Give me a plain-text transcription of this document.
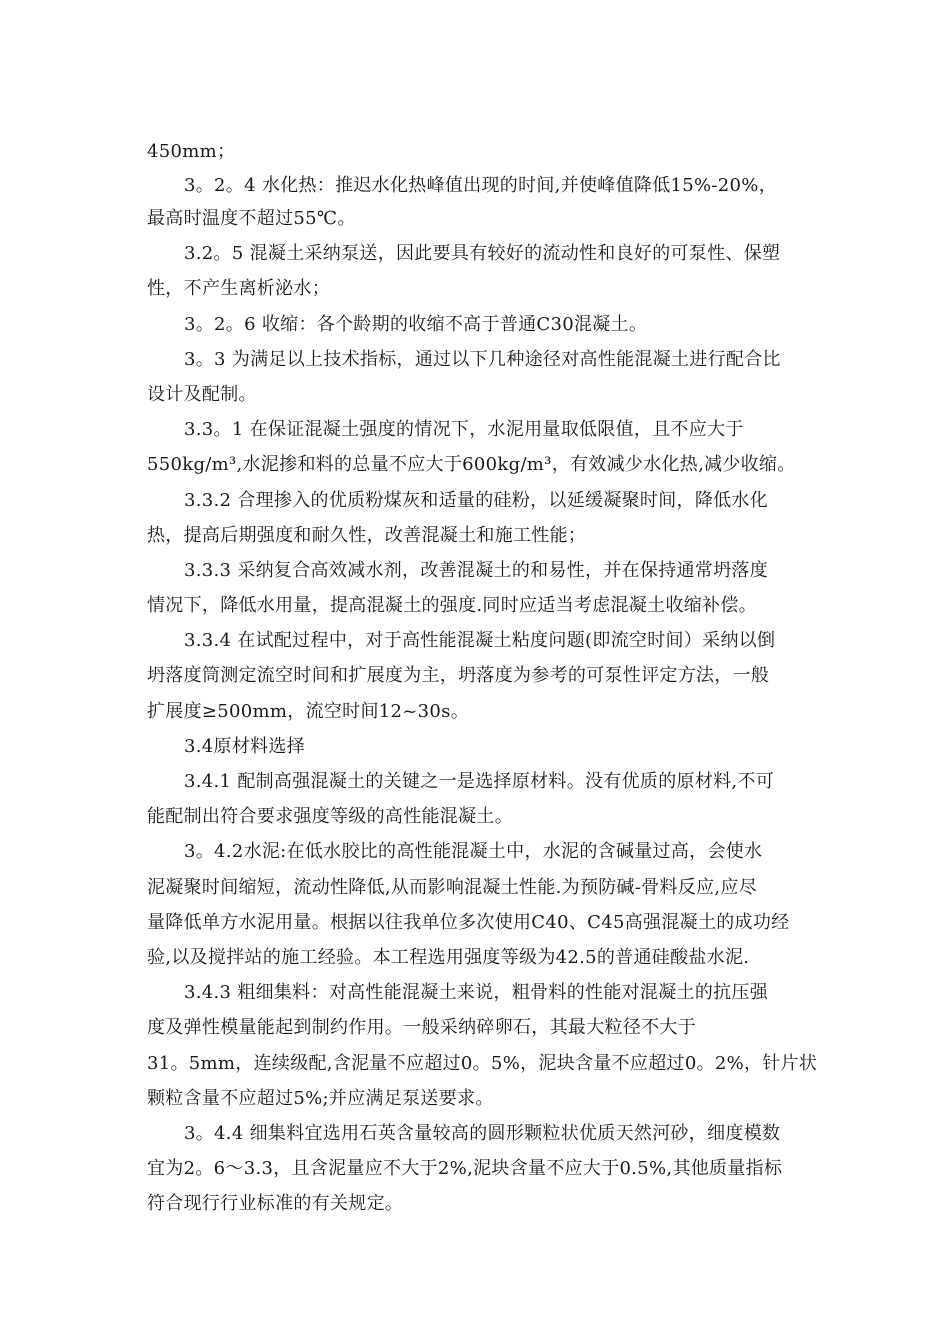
450mm；
3。2。4 水化热：推迟水化热峰值出现的时间,并使峰值降低15%-20%，
最高时温度不超过55℃。
3.2。5 混凝土采纳泵送，因此要具有较好的流动性和良好的可泵性、保塑
性，不产生离析泌水；
3。2。6 收缩：各个龄期的收缩不高于普通C30混凝土。
3。3 为满足以上技术指标，通过以下几种途径对高性能混凝土进行配合比
设计及配制。
3.3。1 在保证混凝土强度的情况下，水泥用量取低限值，且不应大于
550kg/m³,水泥掺和料的总量不应大于600kg/m³，有效减少水化热,减少收缩。
3.3.2 合理掺入的优质粉煤灰和适量的硅粉，以延缓凝聚时间，降低水化
热，提高后期强度和耐久性，改善混凝土和施工性能；
3.3.3 采纳复合高效减水剂，改善混凝土的和易性，并在保持通常坍落度
情况下，降低水用量，提高混凝土的强度.同时应适当考虑混凝土收缩补偿。
3.3.4 在试配过程中，对于高性能混凝土粘度问题(即流空时间）采纳以倒
坍落度筒测定流空时间和扩展度为主，坍落度为参考的可泵性评定方法，一般
扩展度≥500mm，流空时间12~30s。
3.4原材料选择
3.4.1 配制高强混凝土的关键之一是选择原材料。没有优质的原材料,不可
能配制出符合要求强度等级的高性能混凝土。
3。4.2水泥:在低水胶比的高性能混凝土中，水泥的含碱量过高，会使水
泥凝聚时间缩短，流动性降低,从而影响混凝土性能.为预防碱-骨料反应,应尽
量降低单方水泥用量。根据以往我单位多次使用C40、C45高强混凝土的成功经
验,以及搅拌站的施工经验。本工程选用强度等级为42.5的普通硅酸盐水泥.
3.4.3 粗细集料：对高性能混凝土来说，粗骨料的性能对混凝土的抗压强
度及弹性模量能起到制约作用。一般采纳碎卵石，其最大粒径不大于
31。5mm，连续级配,含泥量不应超过0。5%，泥块含量不应超过0。2%，针片状
颗粒含量不应超过5%;并应满足泵送要求。
3。4.4 细集料宜选用石英含量较高的圆形颗粒状优质天然河砂，细度模数
宜为2。6～3.3，且含泥量应不大于2%,泥块含量不应大于0.5%,其他质量指标
符合现行行业标准的有关规定。
